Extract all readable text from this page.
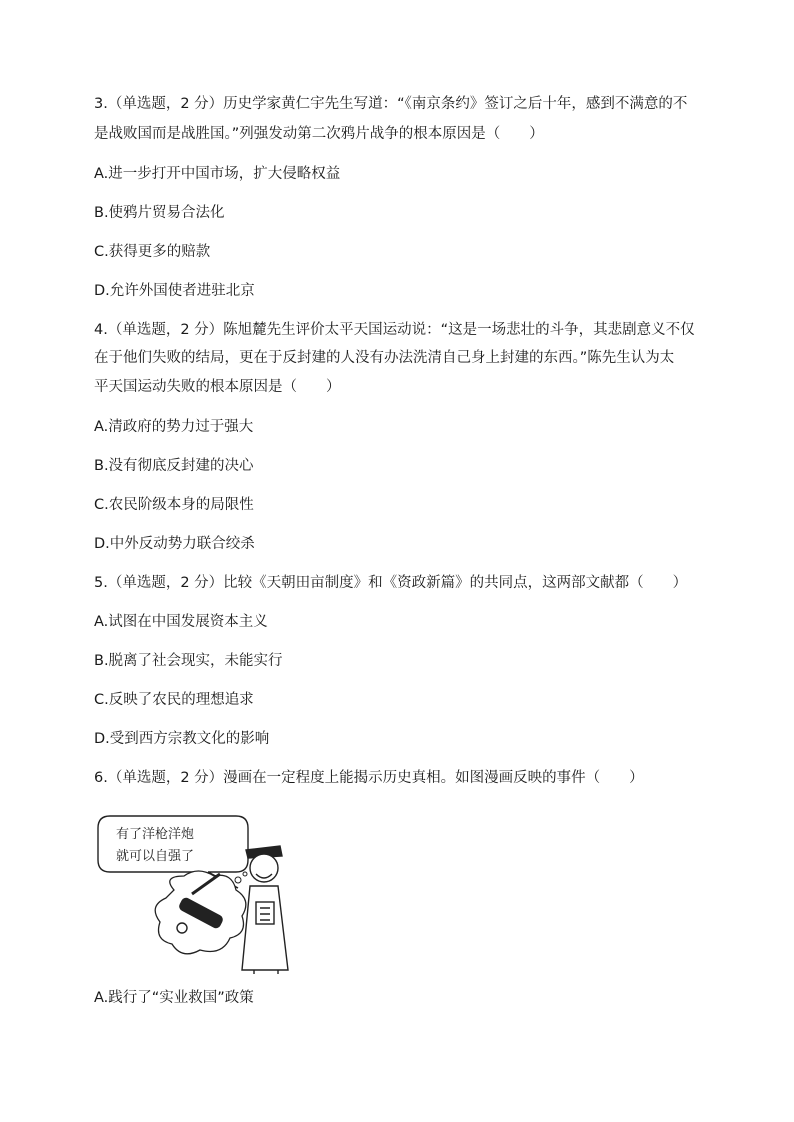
3.（单选题，2 分）历史学家黄仁宇先生写道：“《南京条约》签订之后十年，感到不满意的不
是战败国而是战胜国。”列强发动第二次鸦片战争的根本原因是（　　）
A.进一步打开中国市场，扩大侵略权益
B.使鸦片贸易合法化
C.获得更多的赔款
D.允许外国使者进驻北京
4.（单选题，2 分）陈旭麓先生评价太平天国运动说：“这是一场悲壮的斗争，其悲剧意义不仅
在于他们失败的结局，更在于反封建的人没有办法洗清自己身上封建的东西。”陈先生认为太
平天国运动失败的根本原因是（　　）
A.清政府的势力过于强大
B.没有彻底反封建的决心
C.农民阶级本身的局限性
D.中外反动势力联合绞杀
5.（单选题，2 分）比较《天朝田亩制度》和《资政新篇》的共同点，这两部文献都（　　）
A.试图在中国发展资本主义
B.脱离了社会现实，未能实行
C.反映了农民的理想追求
D.受到西方宗教文化的影响
6.（单选题，2 分）漫画在一定程度上能揭示历史真相。如图漫画反映的事件（　　）
有了洋枪洋炮
就可以自强了
A.践行了“实业救国”政策
